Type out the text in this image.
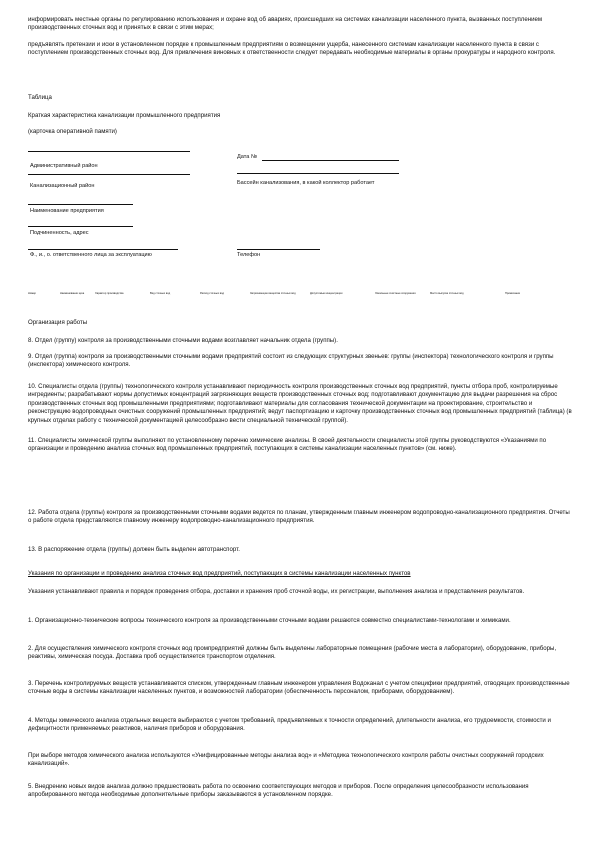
информировать местные органы по регулированию использования и охране вод об авариях, происшедших на системах канализации населенного пункта, вызванных поступлением производственных сточных вод и принятых в связи с этим мерах;

предъявлять претензии и иски в установленном порядке к промышленным предприятиям о возмещении ущерба, нанесенного системам канализации населенного пункта в связи с поступлением производственных сточных вод. Для привлечения виновных к ответственности следует передавать необходимые материалы в органы прокуратуры и народного контроля.

Таблица

Краткая характеристика канализации промышленного предприятия

(карточка оперативной памяти)

Административный район
Дата №
Канализационный район	Бассейн канализования, в какой коллектор работает
Наименование предприятия
Подчиненность, адрес
Ф., и., о. ответственного лица за эксплуатацию	Телефон
Номер	Наименование цеха	Характер производства	Вид сточных вод	Расход сточных вод	Загрязняющие вещества сточных вод	Допустимые концентрации	Локальные очистные сооружения	Место выпуска сточных вод	Примечание

Организация работы

8. Отдел (группу) контроля за производственными сточными водами возглавляет начальник отдела (группы).

9. Отдел (группа) контроля за производственными сточными водами предприятий состоит из следующих структурных звеньев: группы (инспектора) технологического контроля и группы (инспектора) химического контроля.

10. Специалисты отдела (группы) технологического контроля устанавливают периодичность контроля производственных сточных вод предприятий, пункты отбора проб, контролируемые ингредиенты; разрабатывают нормы допустимых концентраций загрязняющих веществ производственных сточных вод; подготавливают документацию для выдачи разрешения на сброс производственных сточных вод промышленными предприятиями; подготавливают материалы для согласования технической документации на проектирование, строительство и реконструкцию водопроводных очистных сооружений промышленных предприятий; ведут паспортизацию и карточку производственных сточных вод промышленных предприятий (таблица) (в крупных отделах работу с технической документацией целесообразно вести специальной технической группой).

11. Специалисты химической группы выполняют по установленному перечню химические анализы. В своей деятельности специалисты этой группы руководствуются «Указаниями по организации и проведению анализа сточных вод промышленных предприятий, поступающих в системы канализации населенных пунктов» (см. ниже).

12. Работа отдела (группы) контроля за производственными сточными водами ведется по планам, утвержденным главным инженером водопроводно-канализационного предприятия. Отчеты о работе отдела представляются главному инженеру водопроводно-канализационного предприятия.

13. В распоряжение отдела (группы) должен быть выделен автотранспорт.

Указания по организации и проведению анализа сточных вод предприятий, поступающих в системы канализации населенных пунктов

Указания устанавливают правила и порядок проведения отбора, доставки и хранения проб сточной воды, их регистрации, выполнения анализа и представления результатов.

1. Организационно-технические вопросы технического контроля за производственными сточными водами решаются совместно специалистами-технологами и химиками.

2. Для осуществления химического контроля сточных вод промпредприятий должны быть выделены лабораторные помещения (рабочие места в лаборатории), оборудование, приборы, реактивы, химическая посуда. Доставка проб осуществляется транспортом отделения.

3. Перечень контролируемых веществ устанавливается списком, утвержденным главным инженером управления Водоканал с учетом специфики предприятий, отводящих производственные сточные воды в системы канализации населенных пунктов, и возможностей лаборатории (обеспеченность персоналом, приборами, оборудованием).

4. Методы химического анализа отдельных веществ выбираются с учетом требований, предъявляемых к точности определений, длительности анализа, его трудоемкости, стоимости и дефицитности применяемых реактивов, наличия приборов и оборудования.

При выборе методов химического анализа используются «Унифицированные методы анализа вод» и «Методика технологического контроля работы очистных сооружений городских канализаций».

5. Внедрению новых видов анализа должно предшествовать работа по освоению соответствующих методов и приборов. После определения целесообразности использования апробированного метода необходимые дополнительные приборы заказываются в установленном порядке.
